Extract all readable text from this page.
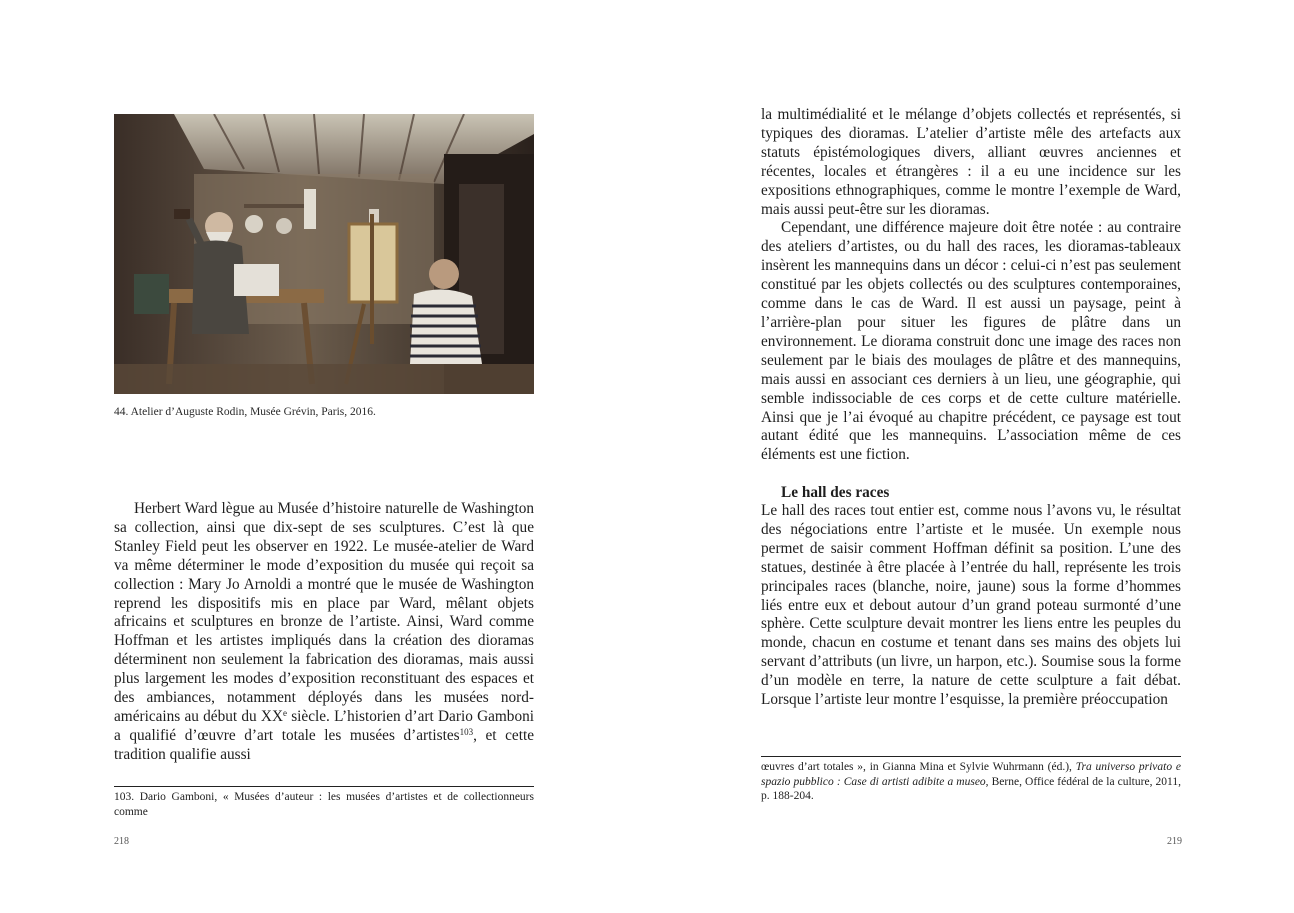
44. Atelier d’Auguste Rodin, Musée Grévin, Paris, 2016.

Herbert Ward lègue au Musée d’histoire naturelle de Washington sa collection, ainsi que dix-sept de ses sculptures. C’est là que Stanley Field peut les observer en 1922. Le musée-atelier de Ward va même déterminer le mode d’exposition du musée qui reçoit sa collection : Mary Jo Arnoldi a montré que le musée de Washington reprend les dispositifs mis en place par Ward, mêlant objets africains et sculptures en bronze de l’artiste. Ainsi, Ward comme Hoffman et les artistes impliqués dans la création des dioramas déterminent non seulement la fabrication des dioramas, mais aussi plus largement les modes d’exposition reconstituant des espaces et des ambiances, notamment déployés dans les musées nord-américains au début du XXe siècle. L’historien d’art Dario Gamboni a qualifié d’œuvre d’art totale les musées d’artistes$^{103}$, et cette tradition qualifie aussi

103. Dario Gamboni, « Musées d’auteur : les musées d’artistes et de collectionneurs comme
218

la multimédialité et le mélange d’objets collectés et représentés, si typiques des dioramas. L’atelier d’artiste mêle des artefacts aux statuts épistémologiques divers, alliant œuvres anciennes et récentes, locales et étrangères : il a eu une incidence sur les expositions ethnographiques, comme le montre l’exemple de Ward, mais aussi peut-être sur les dioramas.

Cependant, une différence majeure doit être notée : au contraire des ateliers d’artistes, ou du hall des races, les dioramas-tableaux insèrent les mannequins dans un décor : celui-ci n’est pas seulement constitué par les objets collectés ou des sculptures contemporaines, comme dans le cas de Ward. Il est aussi un paysage, peint à l’arrière-plan pour situer les figures de plâtre dans un environnement. Le diorama construit donc une image des races non seulement par le biais des moulages de plâtre et des mannequins, mais aussi en associant ces derniers à un lieu, une géographie, qui semble indissociable de ces corps et de cette culture matérielle. Ainsi que je l’ai évoqué au chapitre précédent, ce paysage est tout autant édité que les mannequins. L’association même de ces éléments est une fiction.

Le hall des races

Le hall des races tout entier est, comme nous l’avons vu, le résultat des négociations entre l’artiste et le musée. Un exemple nous permet de saisir comment Hoffman définit sa position. L’une des statues, destinée à être placée à l’entrée du hall, représente les trois principales races (blanche, noire, jaune) sous la forme d’hommes liés entre eux et debout autour d’un grand poteau surmonté d’une sphère. Cette sculpture devait montrer les liens entre les peuples du monde, chacun en costume et tenant dans ses mains des objets lui servant d’attributs (un livre, un harpon, etc.). Soumise sous la forme d’un modèle en terre, la nature de cette sculpture a fait débat. Lorsque l’artiste leur montre l’esquisse, la première préoccupation

œuvres d’art totales », in Gianna Mina et Sylvie Wuhrmann (éd.), Tra universo privato e spazio pubblico : Case di artisti adibite a museo, Berne, Office fédéral de la culture, 2011, p. 188-204.
219
